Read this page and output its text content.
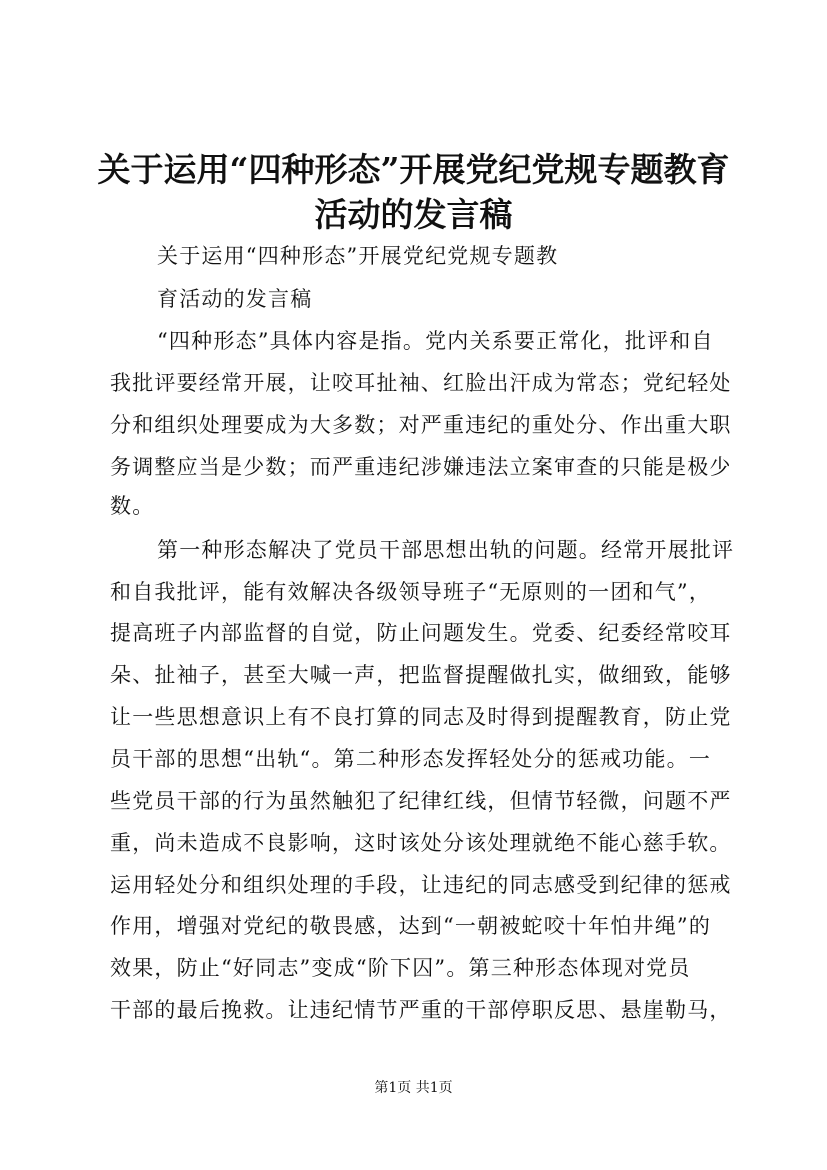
关于运用“四种形态”开展党纪党规专题教育
活动的发言稿
关于运用“四种形态”开展党纪党规专题教
育活动的发言稿
“四种形态”具体内容是指。党内关系要正常化，批评和自
我批评要经常开展，让咬耳扯袖、红脸出汗成为常态；党纪轻处
分和组织处理要成为大多数；对严重违纪的重处分、作出重大职
务调整应当是少数；而严重违纪涉嫌违法立案审查的只能是极少
数。
第一种形态解决了党员干部思想出轨的问题。经常开展批评
和自我批评，能有效解决各级领导班子“无原则的一团和气”，
提高班子内部监督的自觉，防止问题发生。党委、纪委经常咬耳
朵、扯袖子，甚至大喊一声，把监督提醒做扎实，做细致，能够
让一些思想意识上有不良打算的同志及时得到提醒教育，防止党
员干部的思想“出轨“。第二种形态发挥轻处分的惩戒功能。一
些党员干部的行为虽然触犯了纪律红线，但情节轻微，问题不严
重，尚未造成不良影响，这时该处分该处理就绝不能心慈手软。
运用轻处分和组织处理的手段，让违纪的同志感受到纪律的惩戒
作用，增强对党纪的敬畏感，达到“一朝被蛇咬十年怕井绳”的
效果，防止“好同志”变成“阶下囚”。第三种形态体现对党员
干部的最后挽救。让违纪情节严重的干部停职反思、悬崖勒马，
第1页 共1页
